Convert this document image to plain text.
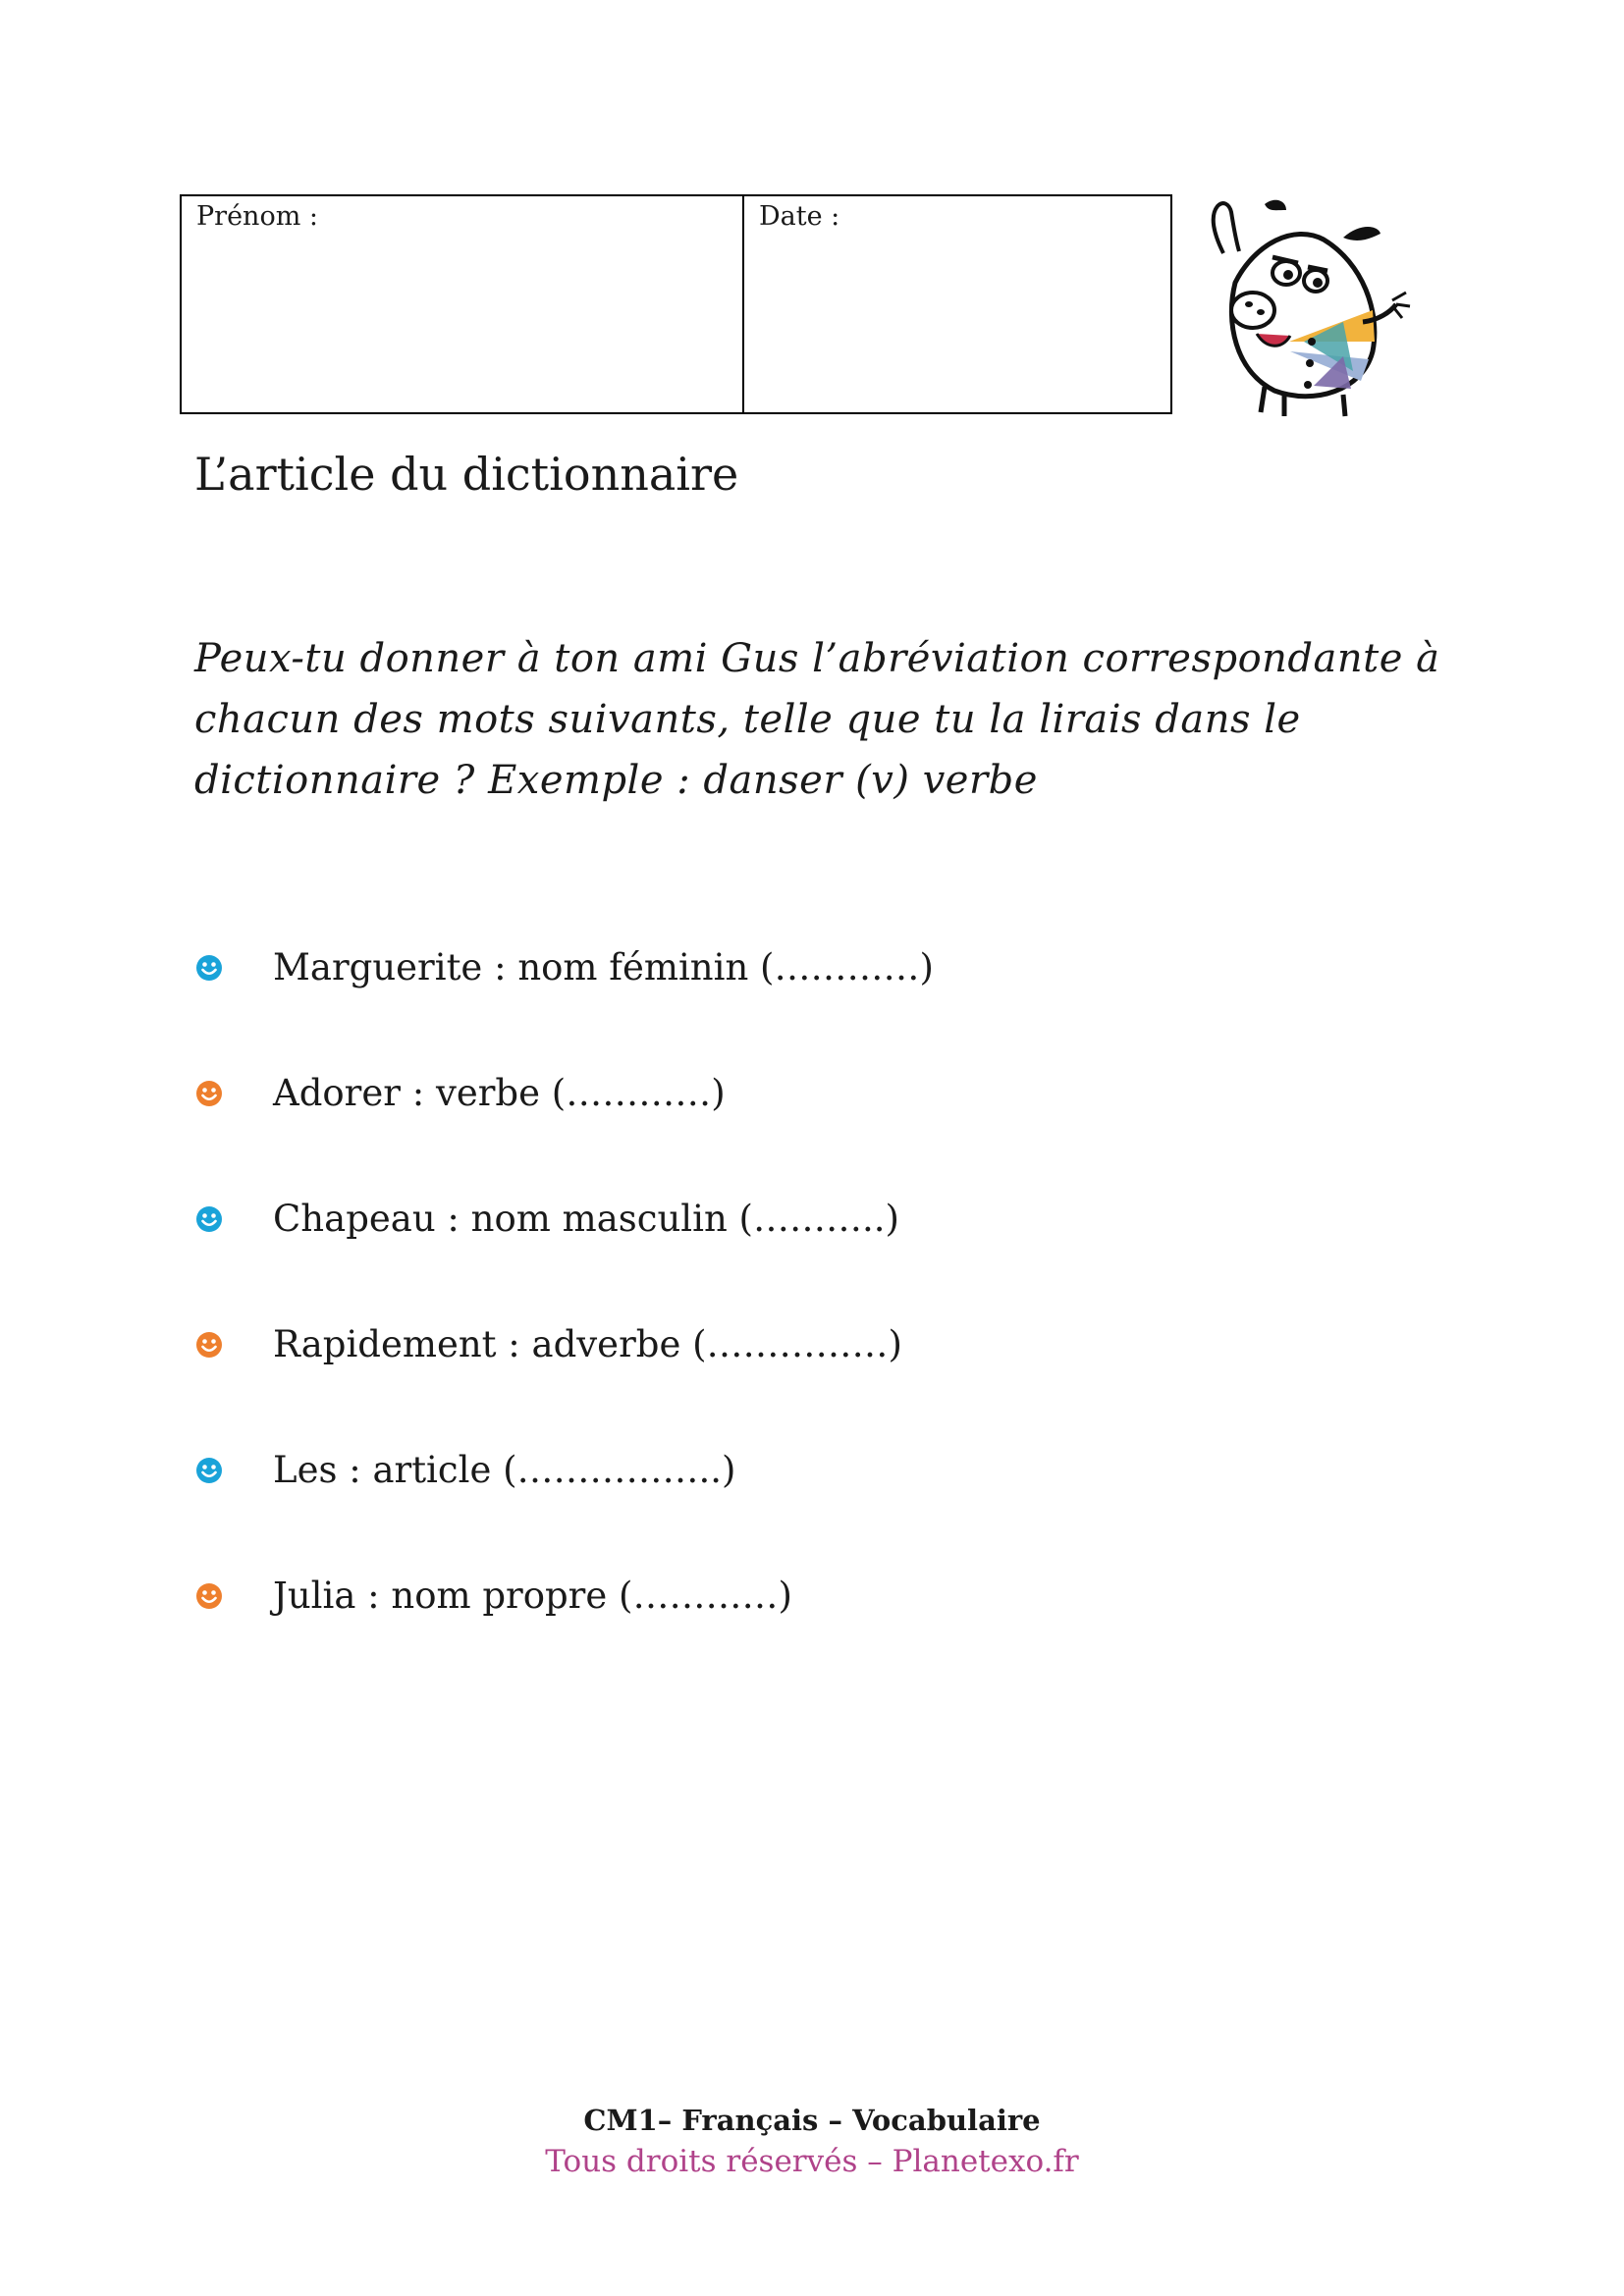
Prénom :	Date :
L’article du dictionnaire

Peux-tu donner à ton ami Gus l’abréviation correspondante à chacun des mots suivants, telle que tu la lirais dans le dictionnaire ? Exemple : danser (v) verbe

Marguerite : nom féminin (…………)
Adorer : verbe (…………)
Chapeau : nom masculin (………..)
Rapidement : adverbe (……………)
Les : article (……………..)
Julia : nom propre (…………)
CM1– Français – Vocabulaire
Tous droits réservés – Planetexo.fr
